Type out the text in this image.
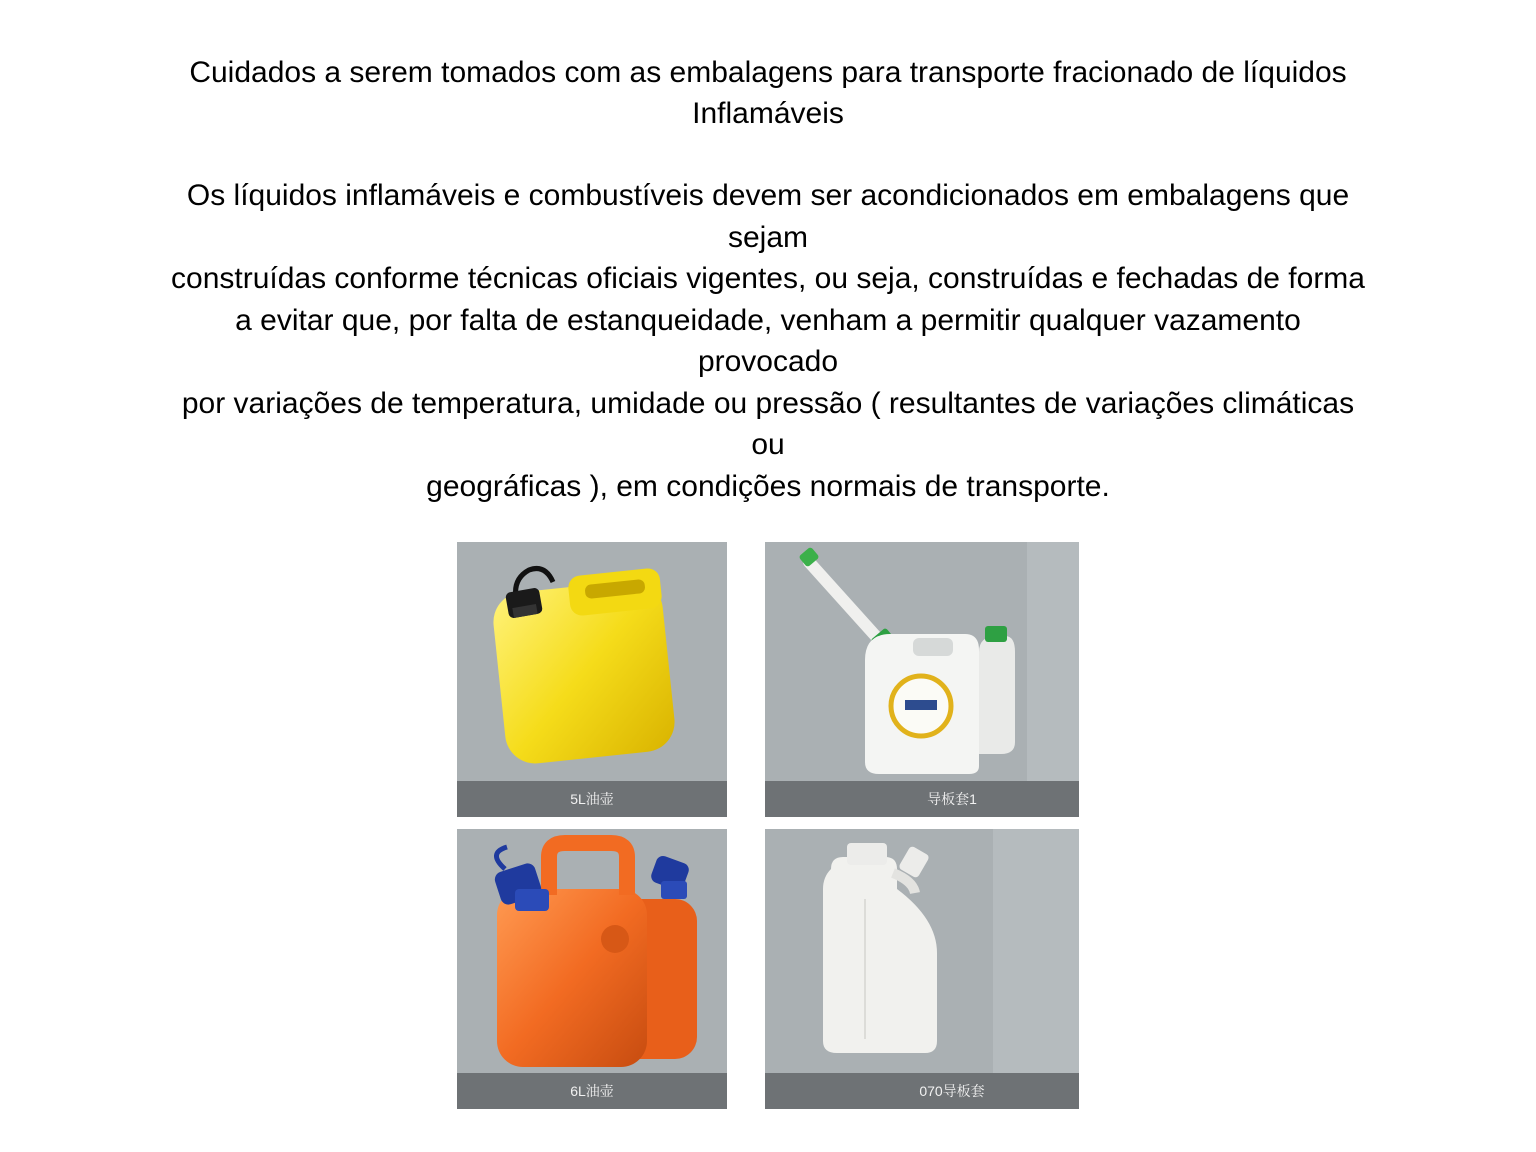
Cuidados a serem tomados com as embalagens para transporte fracionado de líquidos
Inflamáveis
Os líquidos inflamáveis e combustíveis devem ser acondicionados em embalagens que
sejam
construídas conforme técnicas oficiais vigentes, ou seja, construídas e fechadas de forma
a evitar que, por falta de estanqueidade, venham a permitir qualquer vazamento
provocado
por variações de temperatura, umidade ou pressão ( resultantes de variações climáticas
ou
geográficas ), em condições normais de transporte.
5L油壶	导板套1
6L油壶	070导板套
